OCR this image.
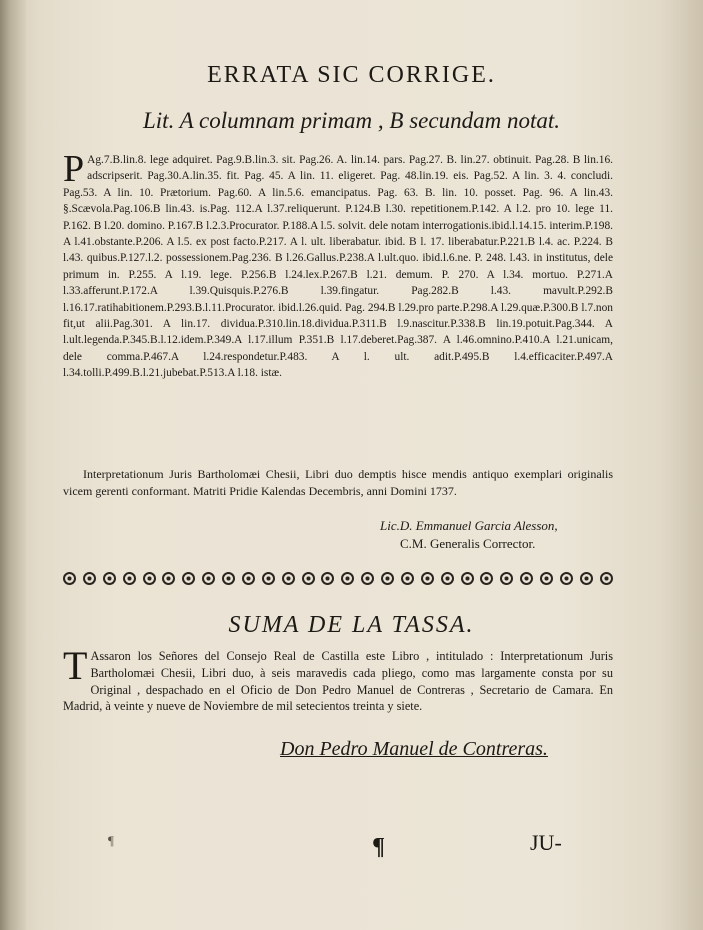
ERRATA SIC CORRIGE.
Lit. A columnam primam , B secundam notat.
P Ag.7.B.lin.8. lege adquiret. Pag.9.B.lin.3. sit. Pag.26. A. lin.14. pars. Pag.27. B. lin.27. obtinuit. Pag.28. B lin.16. adscripserit. Pag.30.A.lin.35. fit. Pag. 45. A lin. 11. eligeret. Pag. 48.lin.19. eis. Pag.52. A lin. 3. 4. concludi. Pag.53. A lin. 10. Prætorium. Pag.60. A lin.5.6. emancipatus. Pag. 63. B. lin. 10. posset. Pag. 96. A lin.43. §.Scævola.Pag.106.B lin.43. is.Pag. 112.A l.37.reliquerunt. P.124.B l.30. repetitionem.P.142. A l.2. pro 10. lege 11. P.162. B l.20. domino. P.167.B l.2.3.Procurator. P.188.A l.5. solvit. dele notam interrogationis.ibid.l.14.15. interim.P.198. A l.41.obstante.P.206. A l.5. ex post facto.P.217. A l. ult. liberabatur. ibid. B l. 17. liberabatur.P.221.B l.4. ac. P.224. B l.43. quibus.P.127.l.2. possessionem.Pag.236. B l.26.Gallus.P.238.A l.ult.quo. ibid.l.6.ne. P. 248. l.43. in institutus, dele primum in. P.255. A l.19. lege. P.256.B l.24.lex.P.267.B l.21. demum. P. 270. A l.34. mortuo. P.271.A l.33.afferunt.P.172.A l.39.Quisquis.P.276.B l.39.fingatur. Pag.282.B l.43. mavult.P.292.B l.16.17.ratihabitionem.P.293.B.l.11.Procurator. ibid.l.26.quid. Pag. 294.B l.29.pro parte.P.298.A l.29.quæ.P.300.B l.7.non fit,ut alii.Pag.301. A lin.17. dividua.P.310.lin.18.dividua.P.311.B l.9.nascitur.P.338.B lin.19.potuit.Pag.344. A l.ult.legenda.P.345.B.l.12.idem.P.349.A l.17.illum P.351.B l.17.deberet.Pag.387. A l.46.omnino.P.410.A l.21.unicam, dele comma.P.467.A l.24.respondetur.P.483. A l. ult. adit.P.495.B l.4.efficaciter.P.497.A l.34.tolli.P.499.B.l.21.jubebat.P.513.A l.18. istæ.
Interpretationum Juris Bartholomæi Chesii, Libri duo demptis hisce mendis antiquo exemplari originalis vicem gerenti conformant. Matriti Pridie Kalendas Decembris, anni Domini 1737.
Lic.D. Emmanuel Garcia Alesson,
C.M. Generalis Corrector.
SUMA DE LA TASSA.
T Assaron los Señores del Consejo Real de Castilla este Libro , intitulado : Interpretationum Juris Bartholomæi Chesii, Libri duo, à seis maravedis cada pliego, como mas largamente consta por su Original , despachado en el Oficio de Don Pedro Manuel de Contreras , Secretario de Camara. En Madrid, à veinte y nueve de Noviembre de mil setecientos treinta y siete.
Don Pedro Manuel de Contreras.
¶	¶	JU-
